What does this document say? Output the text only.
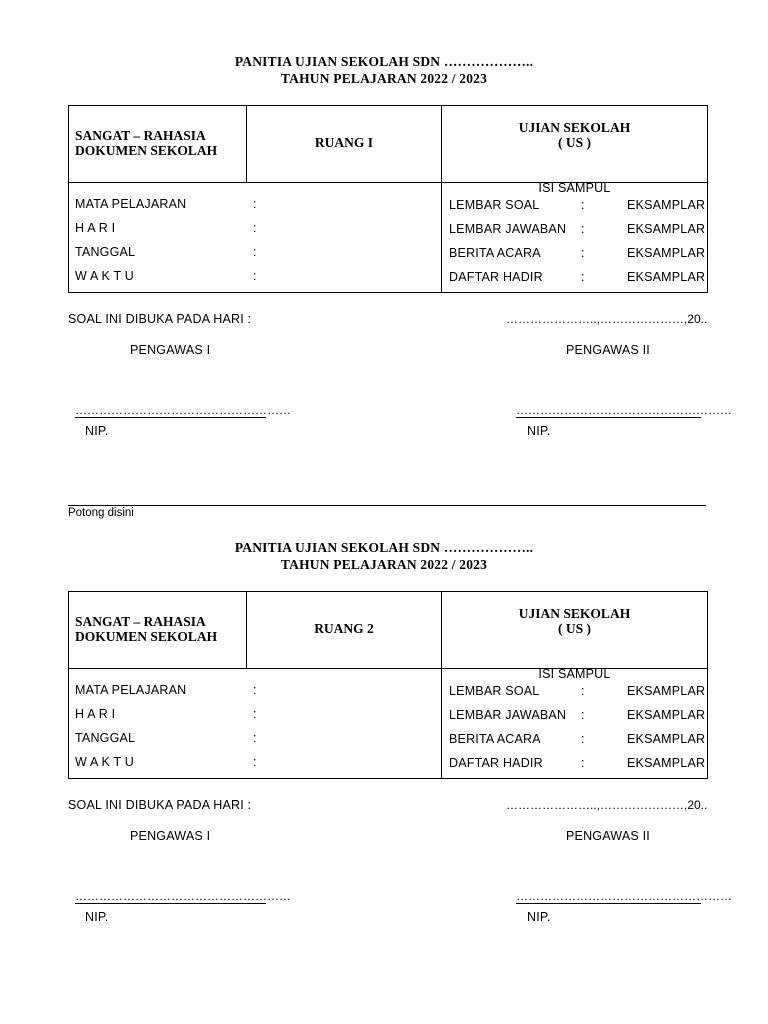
PANITIA UJIAN SEKOLAH SDN ………………..
TAHUN PELAJARAN 2022 / 2023
SANGAT – RAHASIA
DOKUMEN SEKOLAH
RUANG I
UJIAN SEKOLAH
( US )
MATA PELAJARAN	:
H A R I	:
TANGGAL	:
W A K T U	:
ISI SAMPUL
LEMBAR SOAL	:	EKSAMPLAR
LEMBAR JAWABAN :	EKSAMPLAR
BERITA ACARA	:	EKSAMPLAR
DAFTAR HADIR	:	EKSAMPLAR
SOAL INI DIBUKA PADA HARI :	…………………..,…………………,20..
PENGAWAS I	PENGAWAS II
………………………………………………	………………………………………………
NIP.	NIP.
PANITIA UJIAN SEKOLAH SDN ………………..
TAHUN PELAJARAN 2022 / 2023
SANGAT – RAHASIA
DOKUMEN SEKOLAH
RUANG 2
UJIAN SEKOLAH
( US )
MATA PELAJARAN	:
H A R I	:
TANGGAL	:
W A K T U	:
ISI SAMPUL
LEMBAR SOAL	:	EKSAMPLAR
LEMBAR JAWABAN :	EKSAMPLAR
BERITA ACARA	:	EKSAMPLAR
DAFTAR HADIR	:	EKSAMPLAR
SOAL INI DIBUKA PADA HARI :	…………………..,…………………,20..
PENGAWAS I	PENGAWAS II
………………………………………………	………………………………………………
NIP.	NIP.
Potong disini
